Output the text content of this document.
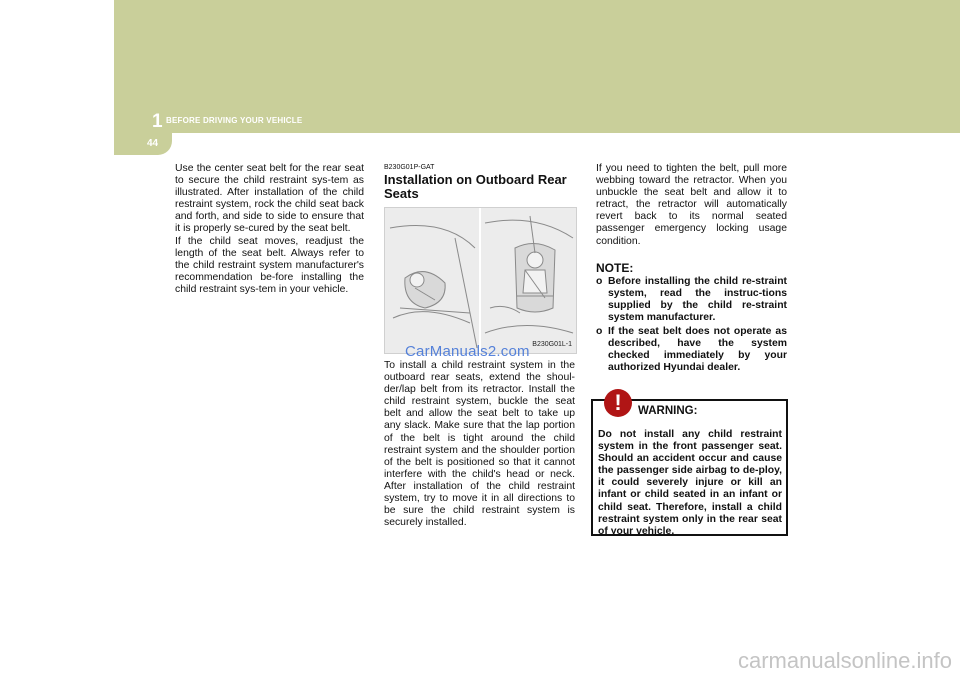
1 BEFORE DRIVING YOUR VEHICLE
44

Use the center seat belt for the rear seat to secure the child restraint sys-tem as illustrated. After installation of the child restraint system, rock the child seat back and forth, and side to side to ensure that it is properly se-cured by the seat belt.

If the child seat moves, readjust the length of the seat belt. Always refer to the child restraint system manufacturer's recommendation be-fore installing the child restraint sys-tem in your vehicle.

B230G01P-GAT
Installation on Outboard Rear Seats
B230G01L-1

To install a child restraint system in the outboard rear seats, extend the shoul-der/lap belt from its retractor. Install the child restraint system, buckle the seat belt and allow the seat belt to take up any slack. Make sure that the lap portion of the belt is tight around the child restraint system and the shoulder portion of the belt is positioned so that it cannot interfere with the child's head or neck. After installation of the child restraint system, try to move it in all directions to be sure the child restraint system is securely installed.

CarManuals2.com

If you need to tighten the belt, pull more webbing toward the retractor. When you unbuckle the seat belt and allow it to retract, the retractor will automatically revert back to its normal seated passenger emergency locking usage condition.

NOTE:
o Before installing the child re-straint system, read the instruc-tions supplied by the child re-straint system manufacturer.
o If the seat belt does not operate as described, have the system checked immediately by your authorized Hyundai dealer.

Do not install any child restraint system in the front passenger seat. Should an accident occur and cause the passenger side airbag to de-ploy, it could severely injure or kill an infant or child seated in an infant or child seat. Therefore, install a child restraint system only in the rear seat of your vehicle.

!	WARNING:
carmanualsonline.info
